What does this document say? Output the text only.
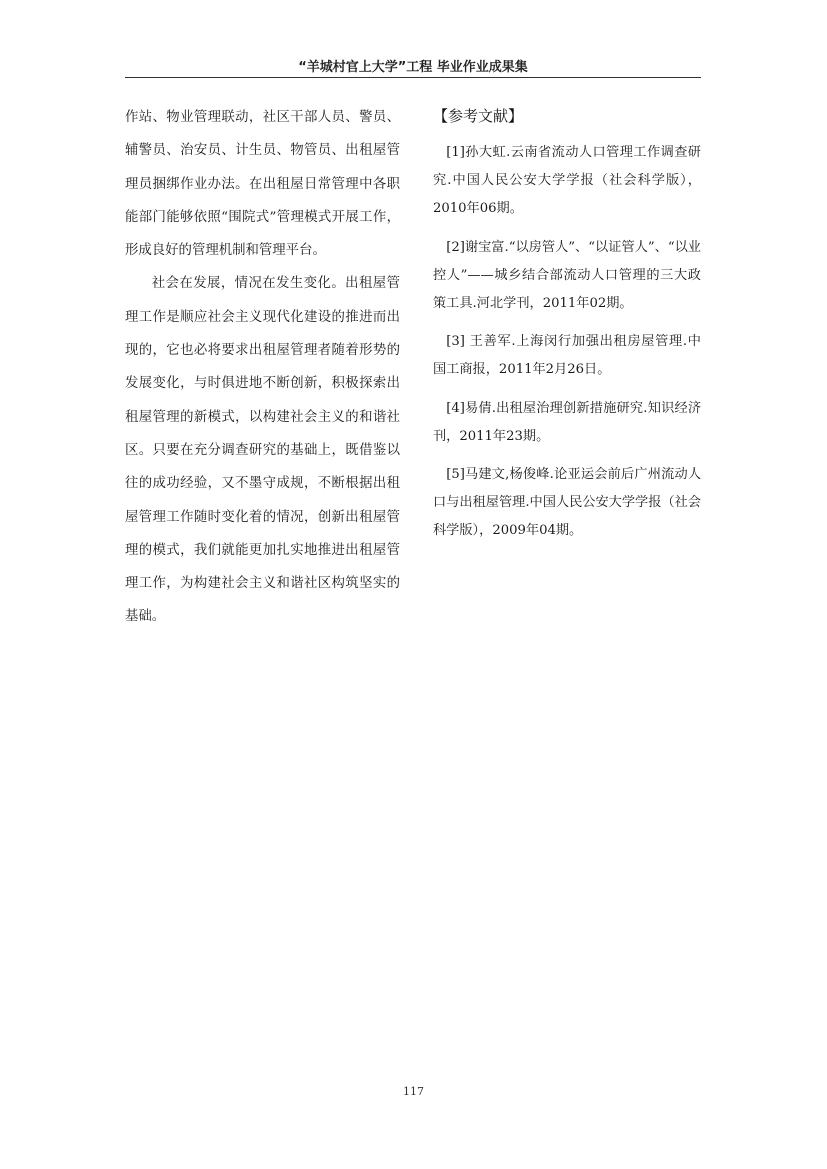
“羊城村官上大学”工程 毕业作业成果集

作站、物业管理联动，社区干部人员、警员、辅警员、治安员、计生员、物管员、出租屋管理员捆绑作业办法。在出租屋日常管理中各职能部门能够依照“围院式”管理模式开展工作，形成良好的管理机制和管理平台。

社会在发展，情况在发生变化。出租屋管理工作是顺应社会主义现代化建设的推进而出现的，它也必将要求出租屋管理者随着形势的发展变化，与时俱进地不断创新，积极探索出租屋管理的新模式，以构建社会主义的和谐社区。只要在充分调查研究的基础上，既借鉴以往的成功经验，又不墨守成规，不断根据出租屋管理工作随时变化着的情况，创新出租屋管理的模式，我们就能更加扎实地推进出租屋管理工作，为构建社会主义和谐社区构筑坚实的基础。

【参考文献】

[1]孙大虹.云南省流动人口管理工作调查研究.中国人民公安大学学报（社会科学版），2010年06期。

[2]谢宝富.“以房管人”、“以证管人”、“以业控人”——城乡结合部流动人口管理的三大政策工具.河北学刊，2011年02期。

[3] 王善军.上海闵行加强出租房屋管理.中国工商报，2011年2月26日。

[4]易倩.出租屋治理创新措施研究.知识经济刊，2011年23期。

[5]马建文,杨俊峰.论亚运会前后广州流动人口与出租屋管理.中国人民公安大学学报（社会科学版），2009年04期。

117
